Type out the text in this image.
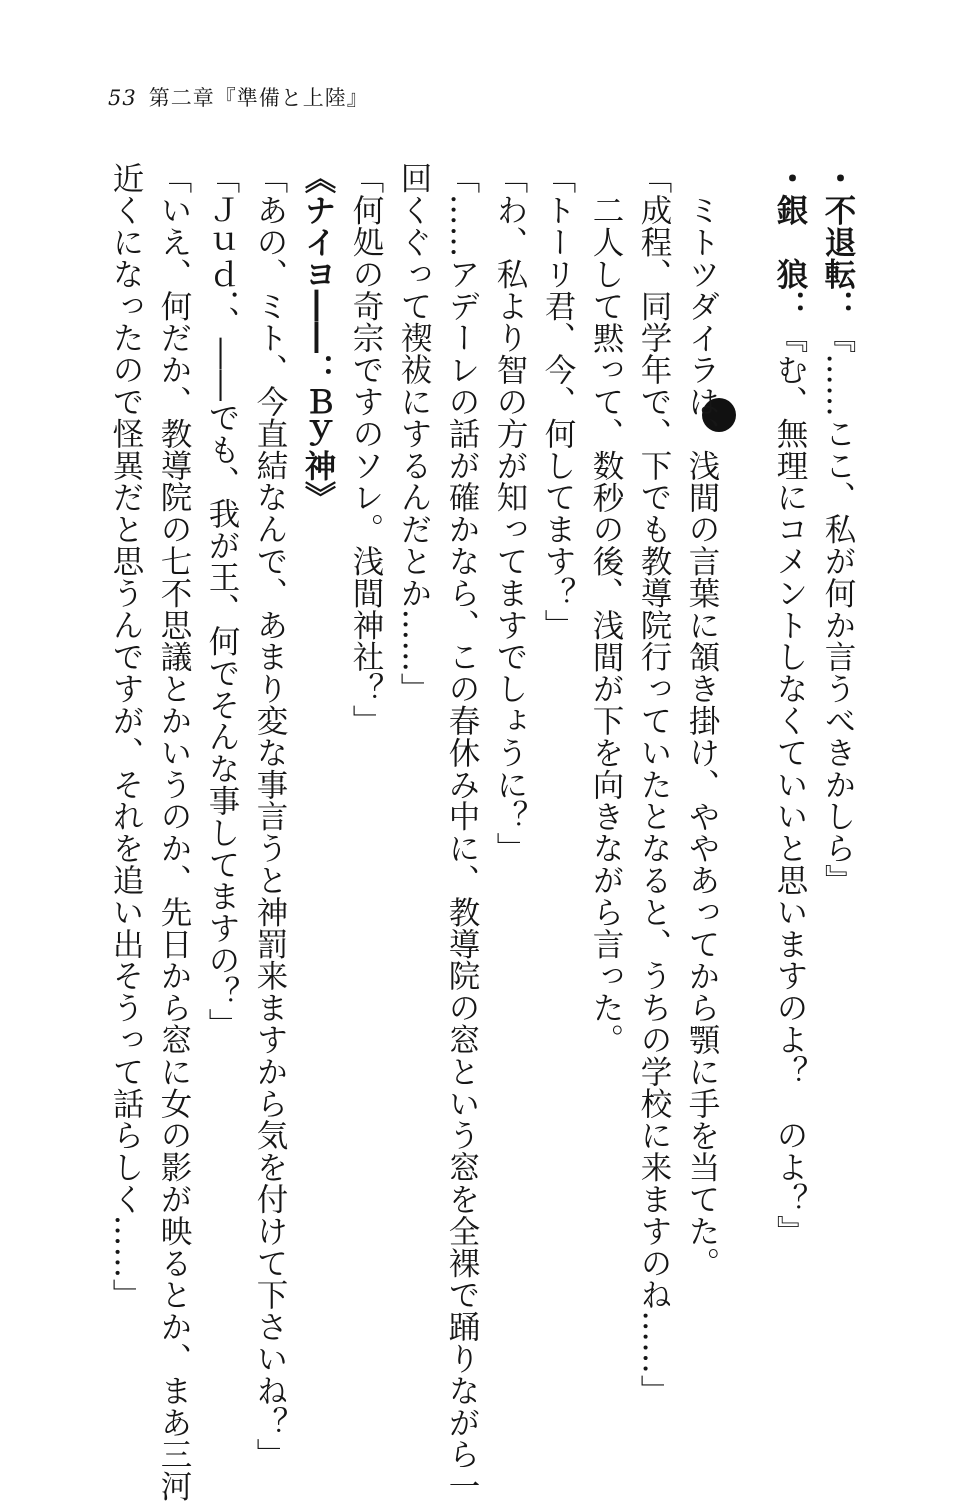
53 第二章『準備と上陸』
・不退転：『……ここ、私が何か言うべきかしら』
・銀　狼：『む、無理にコメントしなくていいと思いますのよ？　のよ？』
ミトツダイラは、浅間の言葉に頷き掛け、ややあってから顎に手を当てた。
「成程、同学年で、下でも教導院行っていたとなると、うちの学校に来ますのね……」
二人して黙って、数秒の後、浅間が下を向きながら言った。
「トーリ君、今、何してます？」
「わ、私より智の方が知ってますでしょうに？」
「……アデーレの話が確かなら、この春休み中に、教導院の窓という窓を全裸で踊りながら一
回くぐって禊祓にするんだとか……」
「何処の奇宗ですのソレ。浅間神社？」
《ナイヨ――：Ｂｙ神》
「あの、ミト、今直結なんで、あまり変な事言うと神罰来ますから気を付けて下さいね？」
「Ｊｕｄ．、――でも、我が王、何でそんな事してますの？」
「いえ、何だか、教導院の七不思議とかいうのか、先日から窓に女の影が映るとか、まあ三河
近くになったので怪異だと思うんですが、それを追い出そうって話らしく……」
